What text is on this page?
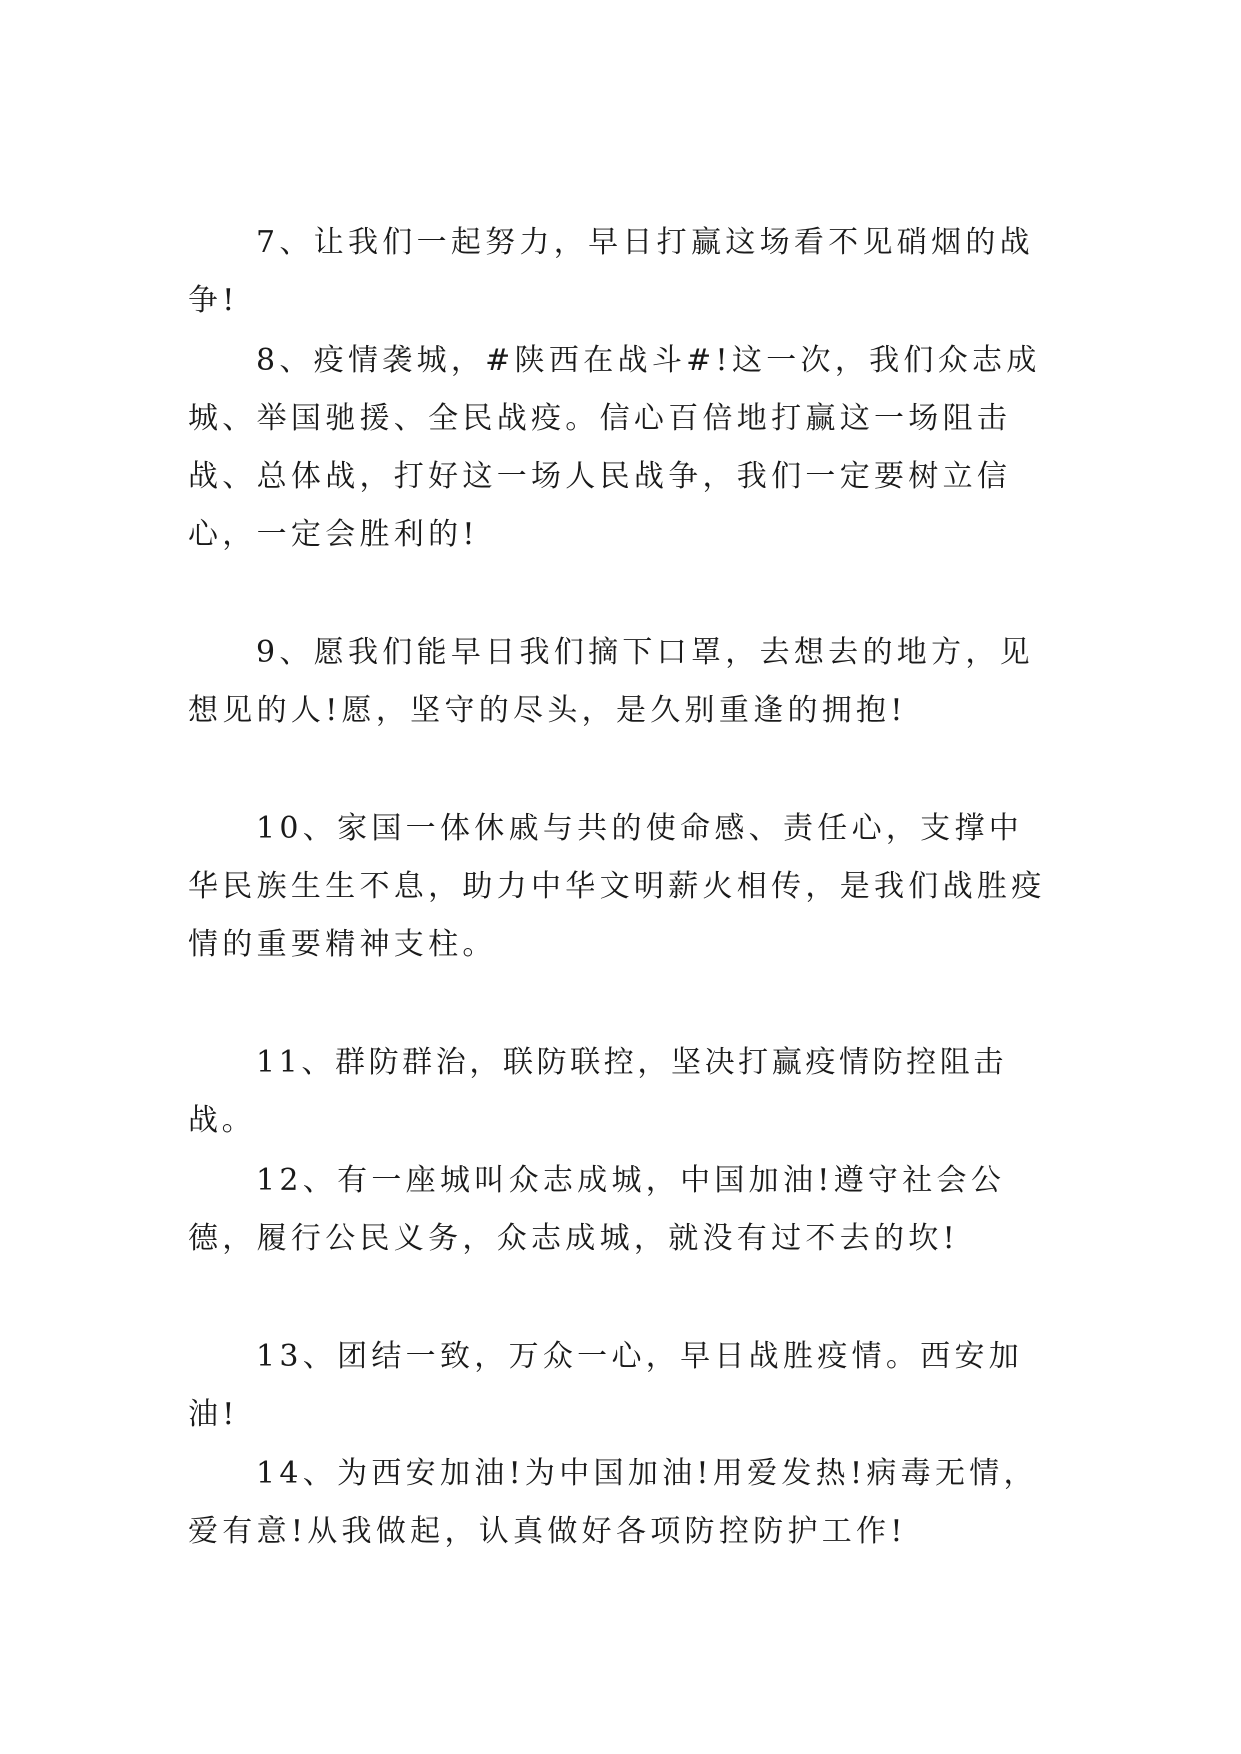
7、让我们一起努力，早日打赢这场看不见硝烟的战争!

8、疫情袭城，#陕西在战斗#!这一次，我们众志成城、举国驰援、全民战疫。信心百倍地打赢这一场阻击战、总体战，打好这一场人民战争，我们一定要树立信心，一定会胜利的!

9、愿我们能早日我们摘下口罩，去想去的地方，见想见的人!愿，坚守的尽头，是久别重逢的拥抱!

10、家国一体休戚与共的使命感、责任心，支撑中华民族生生不息，助力中华文明薪火相传，是我们战胜疫情的重要精神支柱。

11、群防群治，联防联控，坚决打赢疫情防控阻击战。

12、有一座城叫众志成城，中国加油!遵守社会公德，履行公民义务，众志成城，就没有过不去的坎!

13、团结一致，万众一心，早日战胜疫情。西安加油!

14、为西安加油!为中国加油!用爱发热!病毒无情，爱有意!从我做起，认真做好各项防控防护工作!
